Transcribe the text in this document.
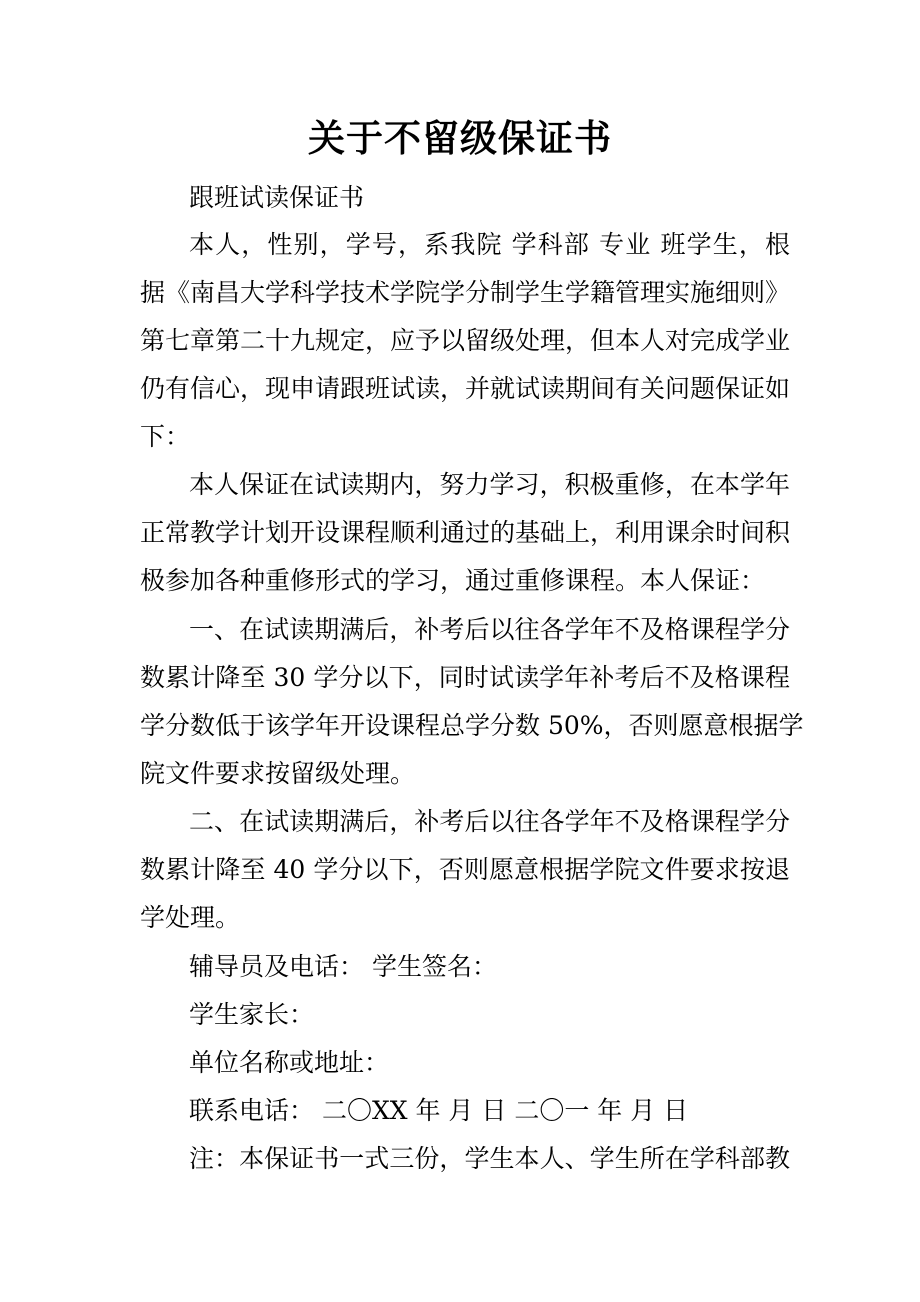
关于不留级保证书
跟班试读保证书
本人，性别，学号，系我院 学科部 专业 班学生，根
据《南昌大学科学技术学院学分制学生学籍管理实施细则》
第七章第二十九规定，应予以留级处理，但本人对完成学业
仍有信心，现申请跟班试读，并就试读期间有关问题保证如
下：
本人保证在试读期内，努力学习，积极重修，在本学年
正常教学计划开设课程顺利通过的基础上，利用课余时间积
极参加各种重修形式的学习，通过重修课程。本人保证：
一、在试读期满后，补考后以往各学年不及格课程学分
数累计降至 30 学分以下，同时试读学年补考后不及格课程
学分数低于该学年开设课程总学分数 50%，否则愿意根据学
院文件要求按留级处理。
二、在试读期满后，补考后以往各学年不及格课程学分
数累计降至 40 学分以下，否则愿意根据学院文件要求按退
学处理。
辅导员及电话： 学生签名：
学生家长：
单位名称或地址：
联系电话： 二〇XX 年 月 日 二〇一 年 月 日
注：本保证书一式三份，学生本人、学生所在学科部教
